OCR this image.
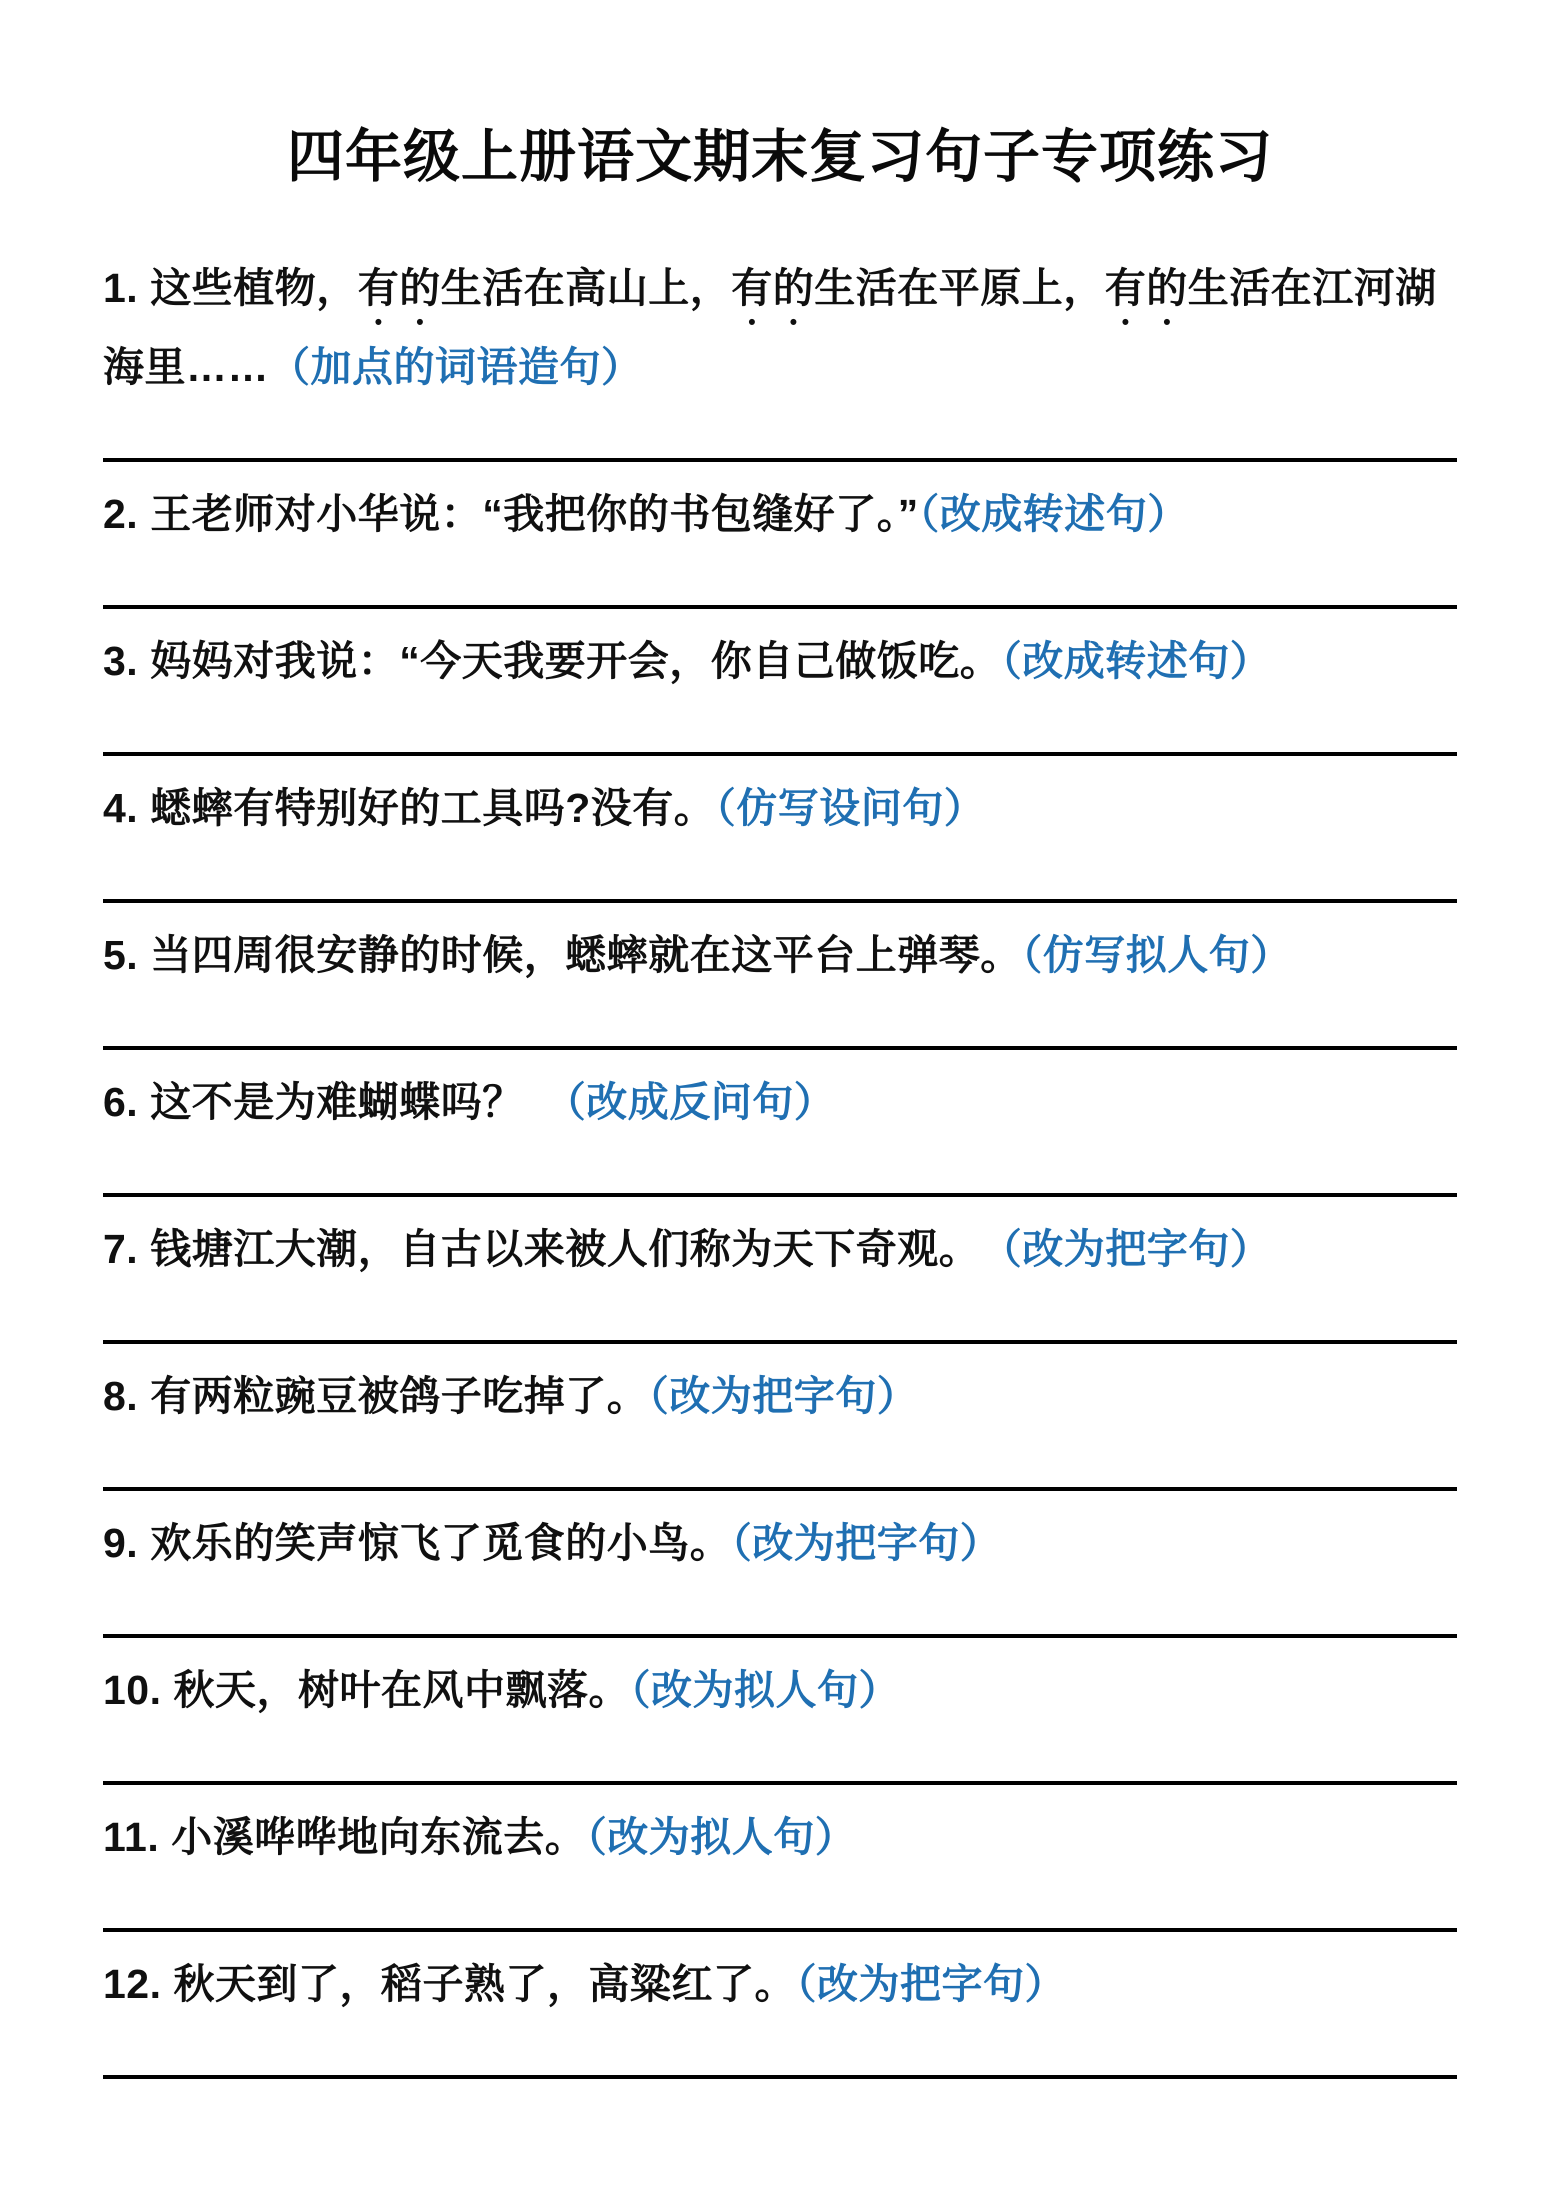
四年级上册语文期末复习句子专项练习

1. 这些植物，有的生活在高山上，有的生活在平原上，有的生活在江河湖
海里……（加点的词语造句）

2. 王老师对小华说：“我把你的书包缝好了。”（改成转述句）

3. 妈妈对我说：“今天我要开会，你自己做饭吃。（改成转述句）

4. 蟋蟀有特别好的工具吗?没有。（仿写设问句）

5. 当四周很安静的时候，蟋蟀就在这平台上弹琴。（仿写拟人句）

6. 这不是为难蝴蝶吗？　（改成反问句）

7. 钱塘江大潮，自古以来被人们称为天下奇观。　（改为把字句）

8. 有两粒豌豆被鸽子吃掉了。（改为把字句）

9. 欢乐的笑声惊飞了觅食的小鸟。（改为把字句）

10. 秋天，树叶在风中飘落。（改为拟人句）

11. 小溪哗哗地向东流去。（改为拟人句）

12. 秋天到了，稻子熟了，高粱红了。（改为把字句）
